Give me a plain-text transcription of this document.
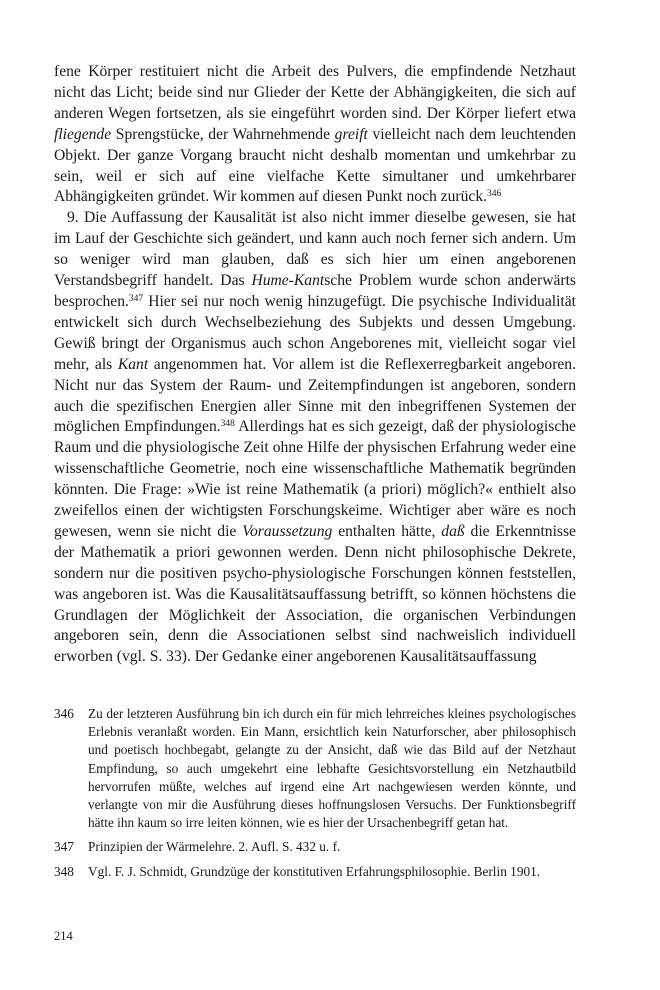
fene Körper restituiert nicht die Arbeit des Pulvers, die empfindende Netzhaut nicht das Licht; beide sind nur Glieder der Kette der Abhängigkeiten, die sich auf anderen Wegen fortsetzen, als sie eingeführt worden sind. Der Körper liefert etwa fliegende Sprengstücke, der Wahrnehmende greift vielleicht nach dem leuchtenden Objekt. Der ganze Vorgang braucht nicht deshalb momentan und umkehrbar zu sein, weil er sich auf eine vielfache Kette simultaner und umkehrbarer Abhängigkeiten gründet. Wir kommen auf diesen Punkt noch zurück.$^{346}$

9. Die Auffassung der Kausalität ist also nicht immer dieselbe gewesen, sie hat im Lauf der Geschichte sich geändert, und kann auch noch ferner sich andern. Um so weniger wird man glauben, daß es sich hier um einen angeborenen Verstandsbegriff handelt. Das Hume-Kantsche Problem wurde schon anderwärts besprochen.$^{347}$ Hier sei nur noch wenig hinzugefügt. Die psychische Individualität entwickelt sich durch Wechselbeziehung des Subjekts und dessen Umgebung. Gewiß bringt der Organismus auch schon Angeborenes mit, vielleicht sogar viel mehr, als Kant angenommen hat. Vor allem ist die Reflexerregbarkeit angeboren. Nicht nur das System der Raum- und Zeitempfindungen ist angeboren, sondern auch die spezifischen Energien aller Sinne mit den inbegriffenen Systemen der möglichen Empfindungen.$^{348}$ Allerdings hat es sich gezeigt, daß der physiologische Raum und die physiologische Zeit ohne Hilfe der physischen Erfahrung weder eine wissenschaftliche Geometrie, noch eine wissenschaftliche Mathematik begründen könnten. Die Frage: »Wie ist reine Mathematik (a priori) möglich?« enthielt also zweifellos einen der wichtigsten Forschungskeime. Wichtiger aber wäre es noch gewesen, wenn sie nicht die Voraussetzung enthalten hätte, daß die Erkenntnisse der Mathematik a priori gewonnen werden. Denn nicht philosophische Dekrete, sondern nur die positiven psycho-physiologische Forschungen können feststellen, was angeboren ist. Was die Kausalitätsauffassung betrifft, so können höchstens die Grundlagen der Möglichkeit der Association, die organischen Verbindungen angeboren sein, denn die Associationen selbst sind nachweislich individuell erworben (vgl. S. 33). Der Gedanke einer angeborenen Kausalitätsauffassung

346	Zu der letzteren Ausführung bin ich durch ein für mich lehrreiches kleines psychologisches Erlebnis veranlaßt worden. Ein Mann, ersichtlich kein Naturforscher, aber philosophisch und poetisch hochbegabt, gelangte zu der Ansicht, daß wie das Bild auf der Netzhaut Empfindung, so auch umgekehrt eine lebhafte Gesichtsvorstellung ein Netzhautbild hervorrufen müßte, welches auf irgend eine Art nachgewiesen werden könnte, und verlangte von mir die Ausführung dieses hoffnungslosen Versuchs. Der Funktionsbegriff hätte ihn kaum so irre leiten können, wie es hier der Ursachenbegriff getan hat.
347	Prinzipien der Wärmelehre. 2. Aufl. S. 432 u. f.
348	Vgl. F. J. Schmidt, Grundzüge der konstitutiven Erfahrungsphilosophie. Berlin 1901.
214
